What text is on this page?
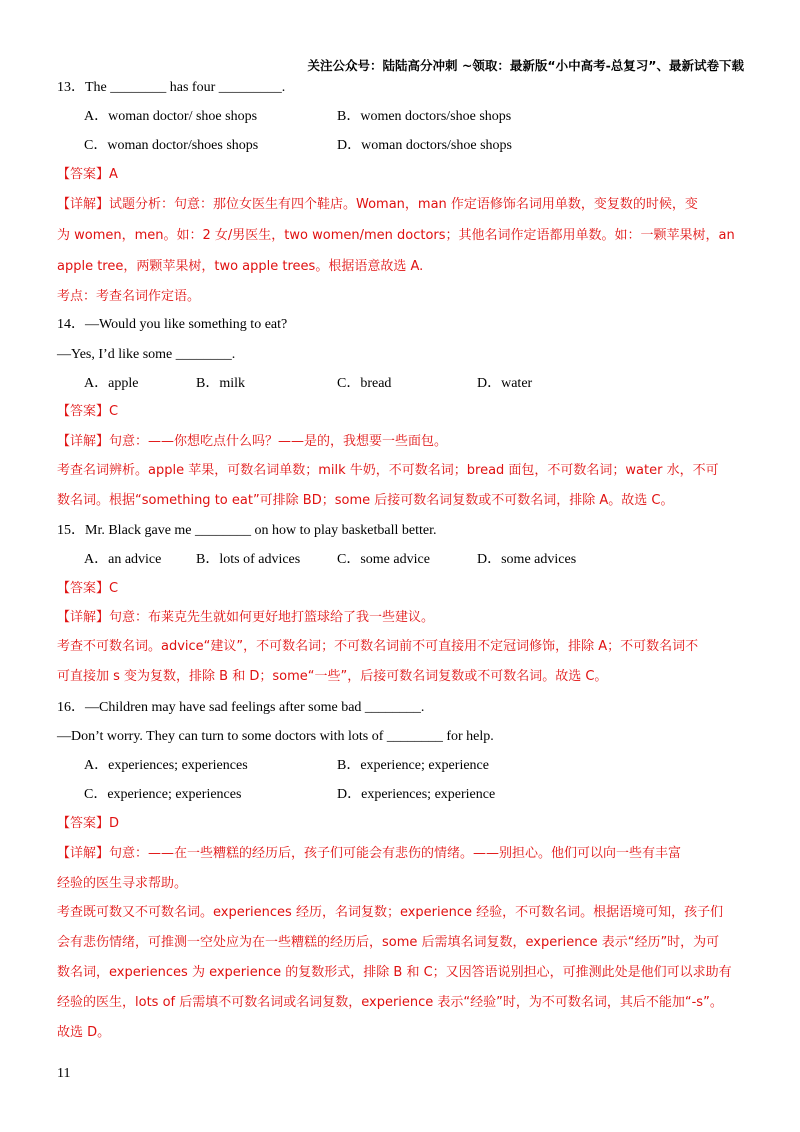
关注公众号：陆陆高分冲刺 ~领取：最新版“小中高考-总复习”、最新试卷下载
13．The ________ has four _________.
A．woman doctor/ shoe shops	B．women doctors/shoe shops
C．woman doctor/shoes shops	D．woman doctors/shoe shops
【答案】A
【详解】试题分析：句意：那位女医生有四个鞋店。Woman，man 作定语修饰名词用单数，变复数的时候，变
为 women，men。如：2 女/男医生，two women/men doctors；其他名词作定语都用单数。如：一颗苹果树，an
apple tree，两颗苹果树，two apple trees。根据语意故选 A.
考点：考查名词作定语。
14．—Would you like something to eat?
—Yes, I’d like some ________.
A．apple	B．milk	C．bread	D．water
【答案】C
【详解】句意：——你想吃点什么吗？——是的，我想要一些面包。
考查名词辨析。apple 苹果，可数名词单数；milk 牛奶，不可数名词；bread 面包，不可数名词；water 水，不可
数名词。根据“something to eat”可排除 BD；some 后接可数名词复数或不可数名词，排除 A。故选 C。
15．Mr. Black gave me ________ on how to play basketball better.
A．an advice B．lots of advices	C．some advice	D．some advices
【答案】C
【详解】句意：布莱克先生就如何更好地打篮球给了我一些建议。
考查不可数名词。advice“建议”，不可数名词；不可数名词前不可直接用不定冠词修饰，排除 A；不可数名词不
可直接加 s 变为复数，排除 B 和 D；some“一些”，后接可数名词复数或不可数名词。故选 C。
16．—Children may have sad feelings after some bad ________.
—Don’t worry. They can turn to some doctors with lots of ________ for help.
A．experiences; experiences	B．experience; experience
C．experience; experiences	D．experiences; experience
【答案】D
【详解】句意：——在一些糟糕的经历后，孩子们可能会有悲伤的情绪。——别担心。他们可以向一些有丰富
经验的医生寻求帮助。
考查既可数又不可数名词。experiences 经历，名词复数；experience 经验，不可数名词。根据语境可知，孩子们
会有悲伤情绪，可推测一空处应为在一些糟糕的经历后，some 后需填名词复数，experience 表示“经历”时，为可
数名词，experiences 为 experience 的复数形式，排除 B 和 C；又因答语说别担心，可推测此处是他们可以求助有
经验的医生，lots of 后需填不可数名词或名词复数，experience 表示“经验”时，为不可数名词，其后不能加“-s”。
故选 D。
11
